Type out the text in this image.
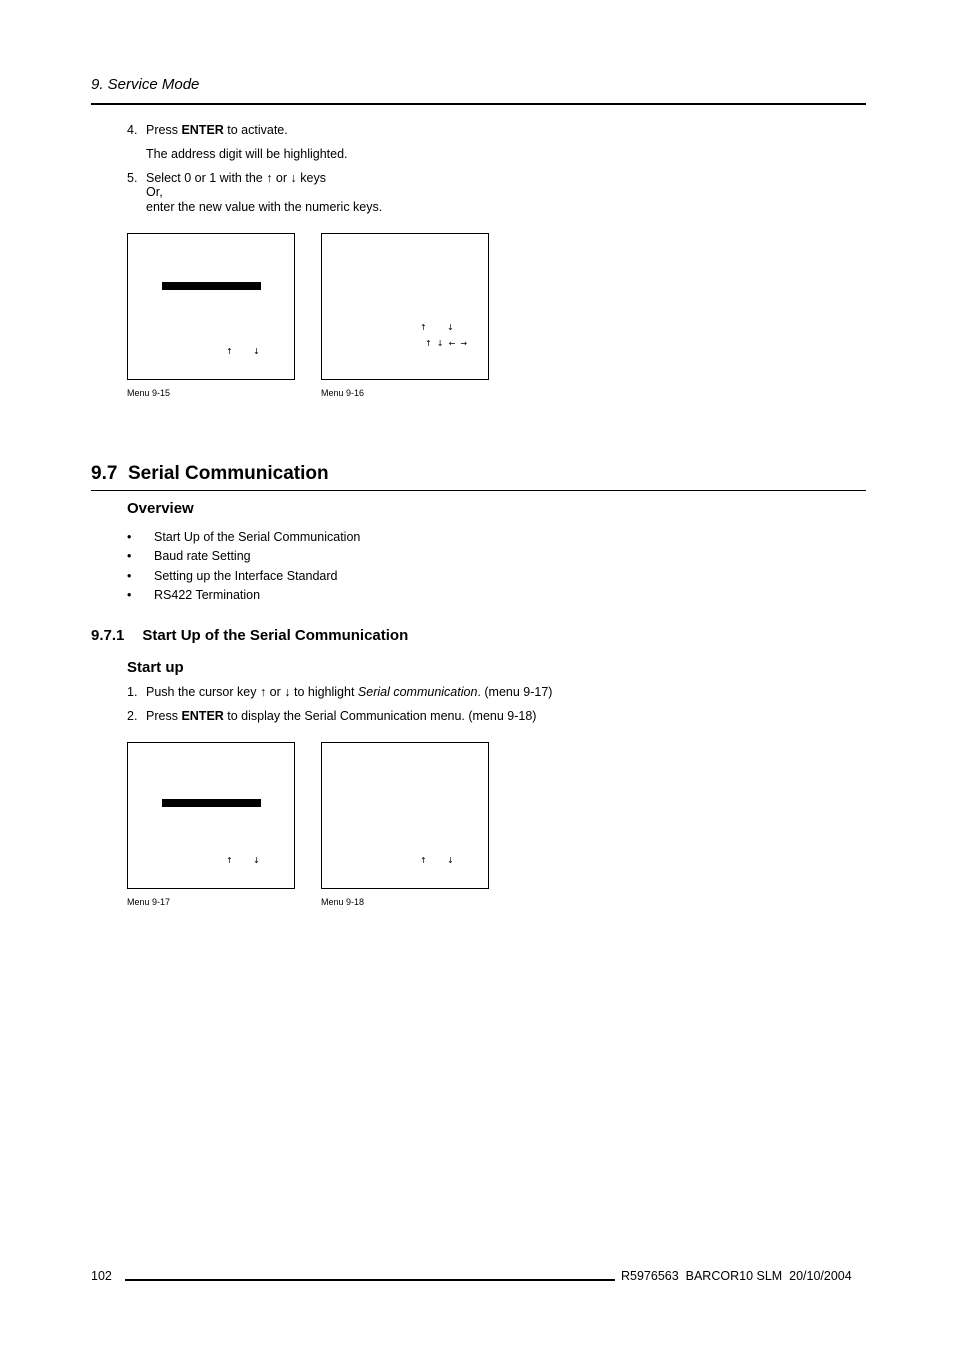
9. Service Mode
4. Press ENTER to activate.
The address digit will be highlighted.
5. Select 0 or 1 with the ↑ or ↓ keys
Or,
enter the new value with the numeric keys.
↑        ↓
Menu 9-15
↑        ↓
↑  ↓  ←  →
Menu 9-16
9.7 Serial Communication
Overview
• Start Up of the Serial Communication
• Baud rate Setting
• Setting up the Interface Standard
• RS422 Termination
9.7.1 Start Up of the Serial Communication
Start up
1. Push the cursor key ↑ or ↓ to highlight Serial communication. (menu 9-17)
2. Press ENTER to display the Serial Communication menu. (menu 9-18)
↑        ↓
Menu 9-17
↑        ↓
Menu 9-18
102	R5976563  BARCOR10 SLM  20/10/2004
